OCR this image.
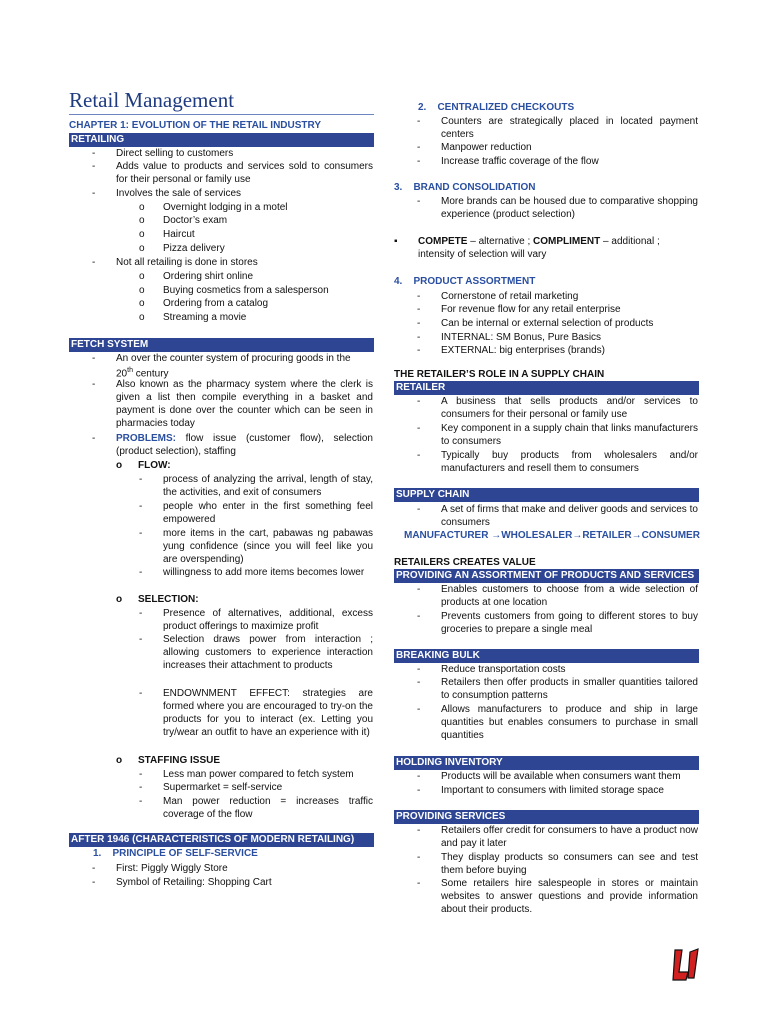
Retail Management
CHAPTER 1: EVOLUTION OF THE RETAIL INDUSTRY
RETAILING
- Direct selling to customers
- Adds value to products and services sold to consumers for their personal or family use
- Involves the sale of services
o Overnight lodging in a motel
o Doctor’s exam
o Haircut
o Pizza delivery
- Not all retailing is done in stores
o Ordering shirt online
o Buying cosmetics from a salesperson
o Ordering from a catalog
o Streaming a movie
FETCH SYSTEM
- An over the counter system of procuring goods in the
20th century
- Also known as the pharmacy system where the clerk is given a list then compile everything in a basket and payment is done over the counter which can be seen in pharmacies today
- PROBLEMS: flow issue (customer flow), selection (product selection), staffing
o FLOW:
- process of analyzing the arrival, length of stay, the activities, and exit of consumers
- people who enter in the first something feel empowered
- more items in the cart, pabawas ng pabawas yung confidence (since you will feel like you are overspending)
- willingness to add more items becomes lower
o SELECTION:
- Presence of alternatives, additional, excess product offerings to maximize profit
- Selection draws power from interaction ; allowing customers to experience interaction increases their attachment to products
- ENDOWNMENT EFFECT: strategies are formed where you are encouraged to try-on the products for you to interact (ex. Letting you try/wear an outfit to have an experience with it)
o STAFFING ISSUE
- Less man power compared to fetch system
- Supermarket = self-service
- Man power reduction = increases traffic coverage of the flow
AFTER 1946 (CHARACTERISTICS OF MODERN RETAILING)
1.    PRINCIPLE OF SELF-SERVICE
- First: Piggly Wiggly Store
- Symbol of Retailing: Shopping Cart
2.    CENTRALIZED CHECKOUTS
- Counters are strategically placed in located payment centers
- Manpower reduction
- Increase traffic coverage of the flow
3.    BRAND CONSOLIDATION
- More brands can be housed due to comparative shopping experience (product selection)
▪ COMPETE – alternative ; COMPLIMENT – additional ;
intensity of selection will vary
4.    PRODUCT ASSORTMENT
- Cornerstone of retail marketing
- For revenue flow for any retail enterprise
- Can be internal or external selection of products
- INTERNAL: SM Bonus, Pure Basics
- EXTERNAL: big enterprises (brands)
THE RETAILER’S ROLE IN A SUPPLY CHAIN
RETAILER
- A business that sells products and/or services to consumers for their personal or family use
- Key component in a supply chain that links manufacturers to consumers
- Typically buy products from wholesalers and/or manufacturers and resell them to consumers
SUPPLY CHAIN
- A set of firms that make and deliver goods and services to consumers
MANUFACTURER →WHOLESALER→RETAILER→CONSUMER
RETAILERS CREATES VALUE
PROVIDING AN ASSORTMENT OF PRODUCTS AND SERVICES
- Enables customers to choose from a wide selection of products at one location
- Prevents customers from going to different stores to buy groceries to prepare a single meal
BREAKING BULK
- Reduce transportation costs
- Retailers then offer products in smaller quantities tailored to consumption patterns
- Allows manufacturers to produce and ship in large quantities but enables consumers to purchase in small quantities
HOLDING INVENTORY
- Products will be available when consumers want them
- Important to consumers with limited storage space
PROVIDING SERVICES
- Retailers offer credit for consumers to have a product now and pay it later
- They display products so consumers can see and test them before buying
- Some retailers hire salespeople in stores or maintain websites to answer questions and provide information about their products.
